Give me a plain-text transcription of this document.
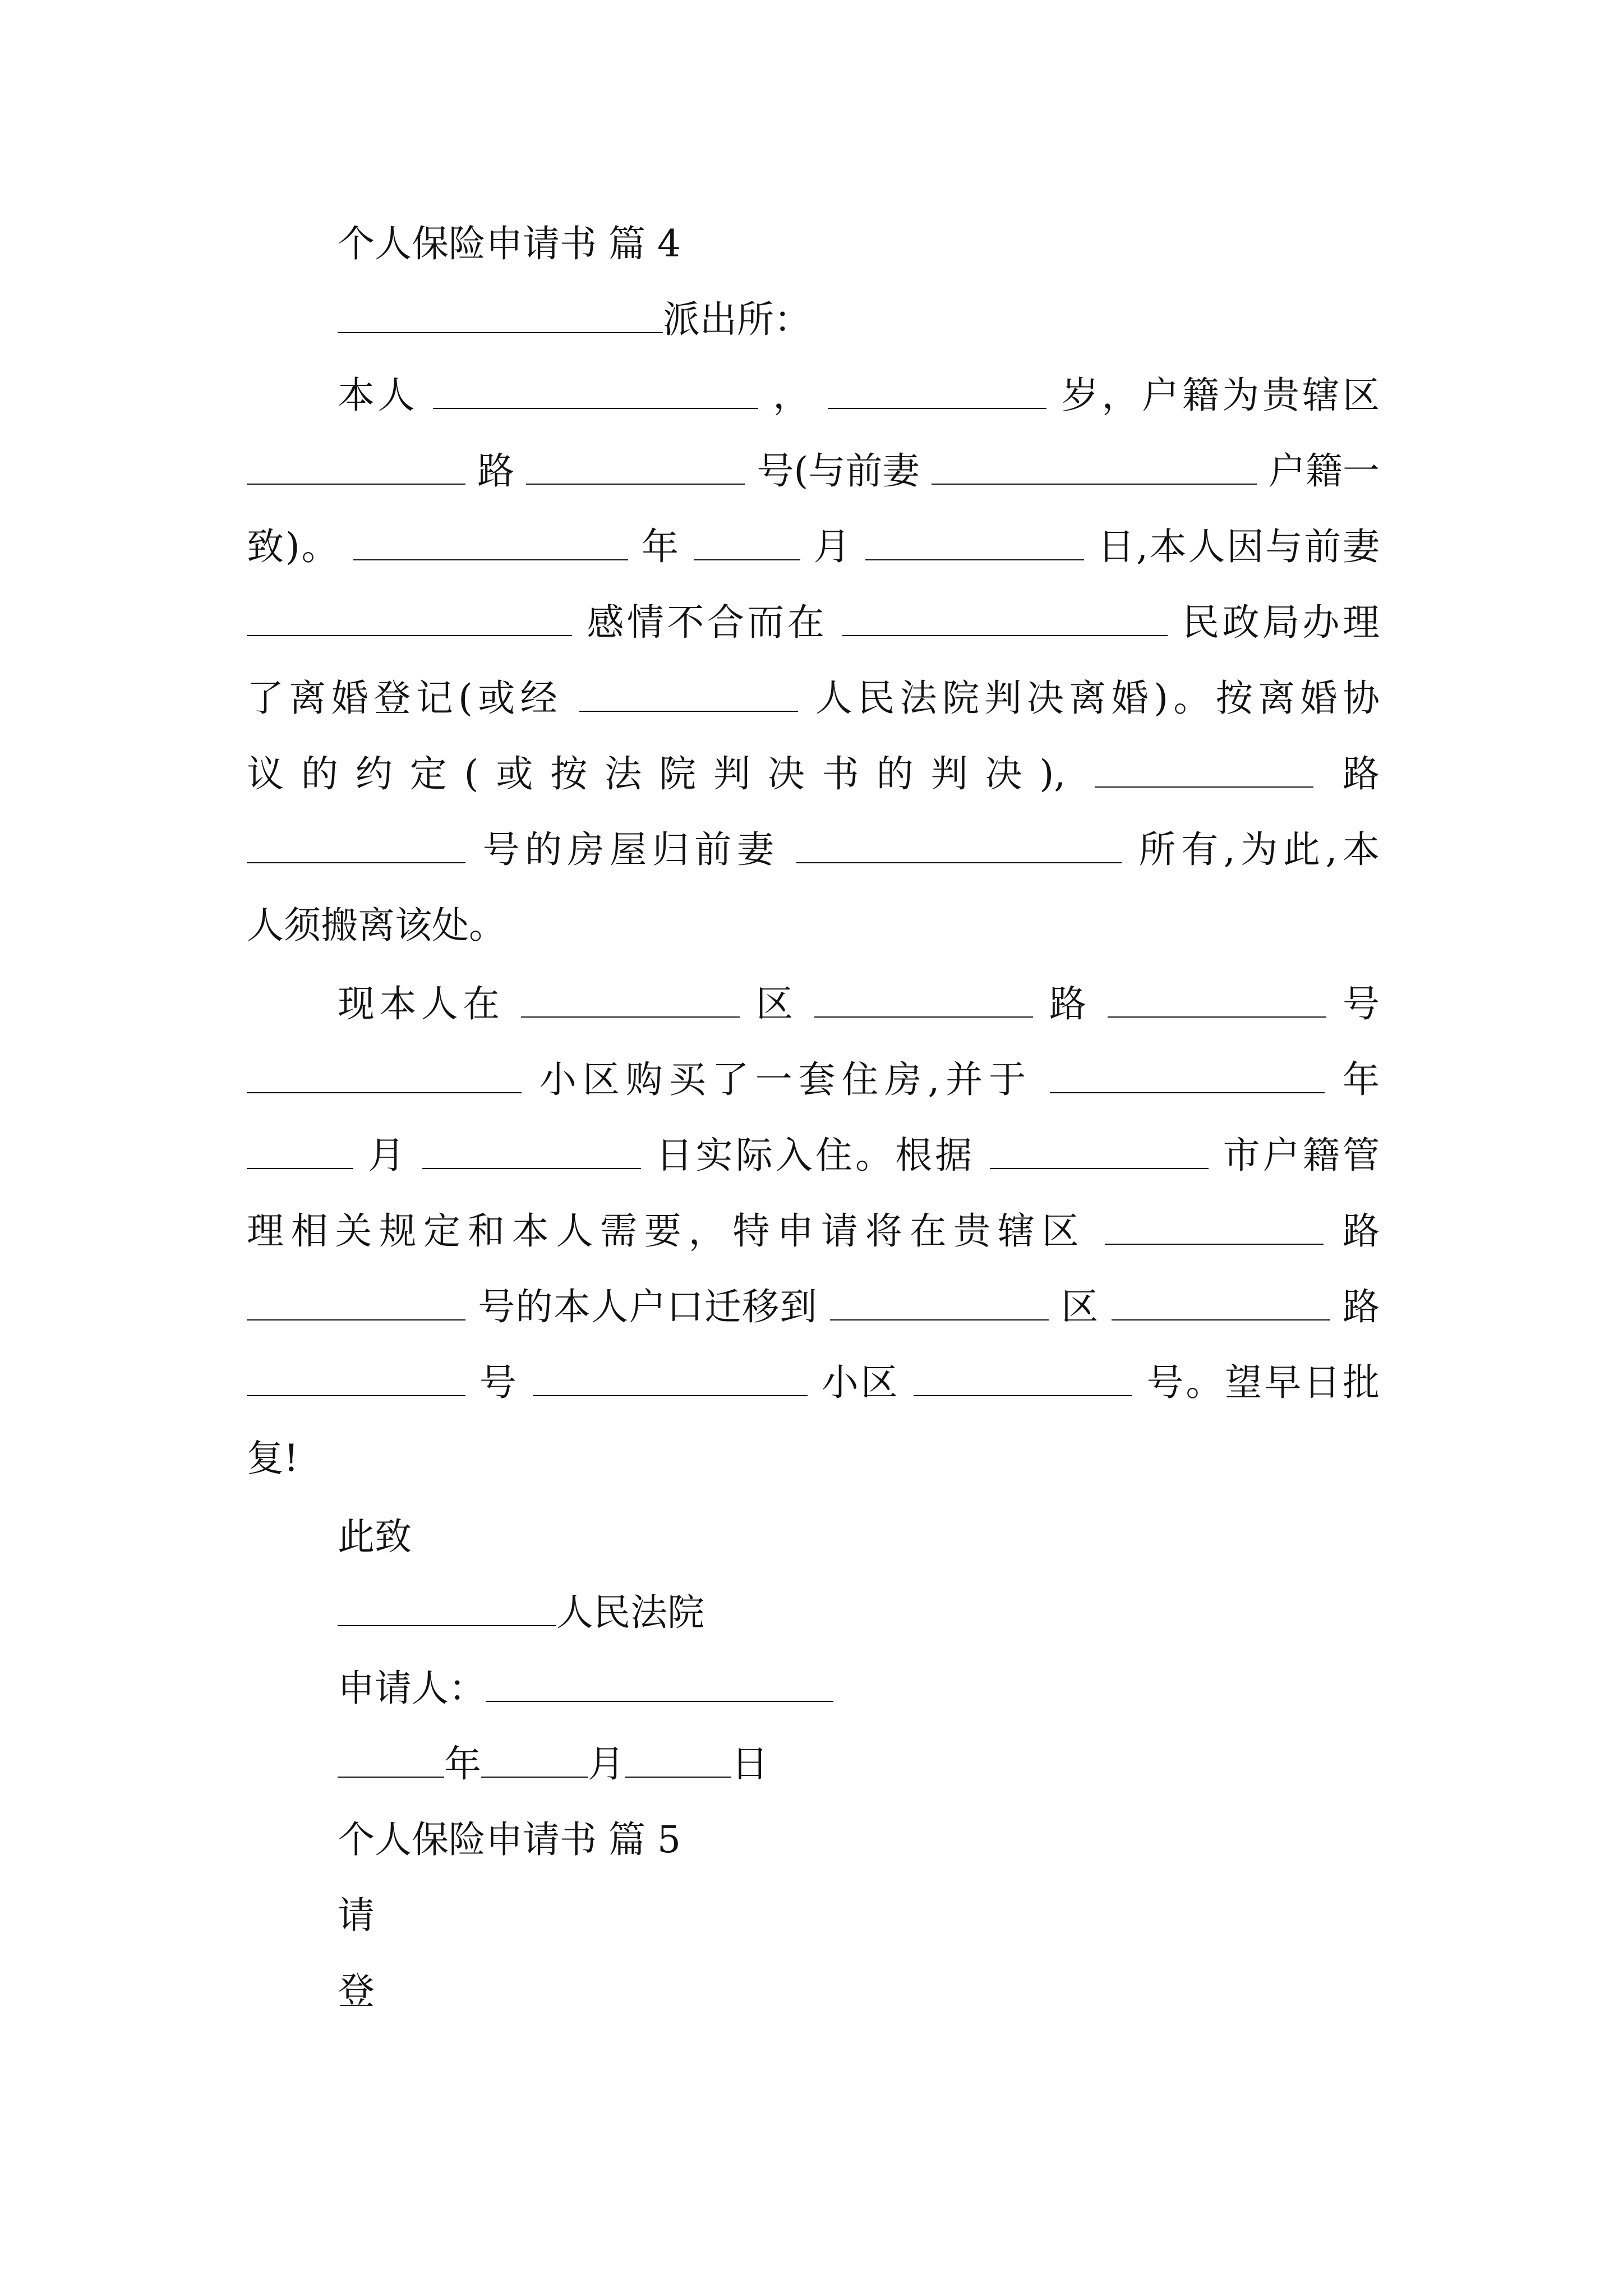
个人保险申请书 篇 4
派出所：
本人	，	岁，户籍为贵辖区
路	号(与前妻	户籍一
致)。	年	月	日,本人因与前妻
感情不合而在	民政局办理
了离婚登记(或经	人民法院判决离婚)。按离婚协
议的约定(或按法院判决书的判决),	路
号的房屋归前妻	所有,为此,本
人须搬离该处。
现本人在	区	路	号
小区购买了一套住房,并于	年
月	日实际入住。根据	市户籍管
理相关规定和本人需要，特申请将在贵辖区	路
号的本人户口迁移到	区	路
号	小区	号。望早日批
复!
此致
人民法院
申请人：
年	月	日
个人保险申请书 篇 5
请
登
